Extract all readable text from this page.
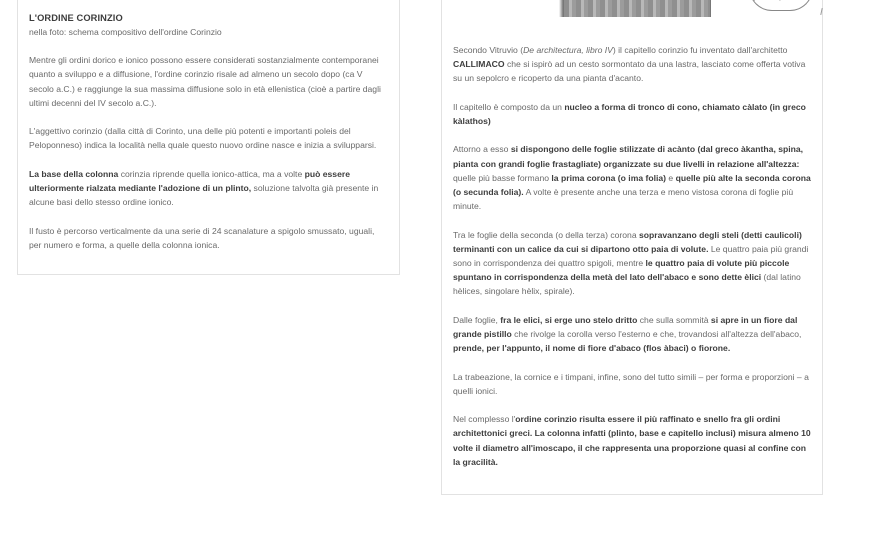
L'ORDINE CORINZIO
nella foto: schema compositivo dell'ordine Corinzio

Mentre gli ordini dorico e ionico possono essere considerati sostanzialmente contemporanei quanto a sviluppo e a diffusione, l'ordine corinzio risale ad almeno un secolo dopo (ca V secolo a.C.) e raggiunge la sua massima diffusione solo in età ellenistica (cioè a partire dagli ultimi decenni del IV secolo a.C.).

L'aggettivo corinzio (dalla città di Corinto, una delle più potenti e importanti poleis del Peloponneso) indica la località nella quale questo nuovo ordine nasce e inizia a svilupparsi.

La base della colonna corinzia riprende quella ionico-attica, ma a volte può essere ulteriormente rialzata mediante l'adozione di un plinto, soluzione talvolta già presente in alcune basi dello stesso ordine ionico.

Il fusto è percorso verticalmente da una serie di 24 scanalature a spigolo smussato, uguali, per numero e forma, a quelle della colonna ionica.

Secondo Vitruvio (De architectura, libro IV) il capitello corinzio fu inventato dall'architetto CALLIMACO che si ispirò ad un cesto sormontato da una lastra, lasciato come offerta votiva su un sepolcro e ricoperto da una pianta d'acanto.

Il capitello è composto da un nucleo a forma di tronco di cono, chiamato càlato (in greco kàlathos)

Attorno a esso si dispongono delle foglie stilizzate di acànto (dal greco àkantha, spina, pianta con grandi foglie frastagliate) organizzate su due livelli in relazione all'altezza: quelle più basse formano la prima corona (o ima folia) e quelle più alte la seconda corona (o secunda folia). A volte è presente anche una terza e meno vistosa corona di foglie più minute.

Tra le foglie della seconda (o della terza) corona sopravanzano degli steli (detti caulicoli) terminanti con un calice da cui si dipartono otto paia di volute. Le quattro paia più grandi sono in corrispondenza dei quattro spigoli, mentre le quattro paia di volute più piccole spuntano in corrispondenza della metà del lato dell'abaco e sono dette èlici (dal latino hèlices, singolare hèlix, spirale).

Dalle foglie, fra le elici, si erge uno stelo dritto che sulla sommità si apre in un fiore dal grande pistillo che rivolge la corolla verso l'esterno e che, trovandosi all'altezza dell'abaco, prende, per l'appunto, il nome di fiore d'abaco (flos àbaci) o fiorone.

La trabeazione, la cornice e i timpani, infine, sono del tutto simili – per forma e proporzioni – a quelli ionici.

Nel complesso l'ordine corinzio risulta essere il più raffinato e snello fra gli ordini architettonici greci. La colonna infatti (plinto, base e capitello inclusi) misura almeno 10 volte il diametro all'imoscapo, il che rappresenta una proporzione quasi al confine con la gracilità.
